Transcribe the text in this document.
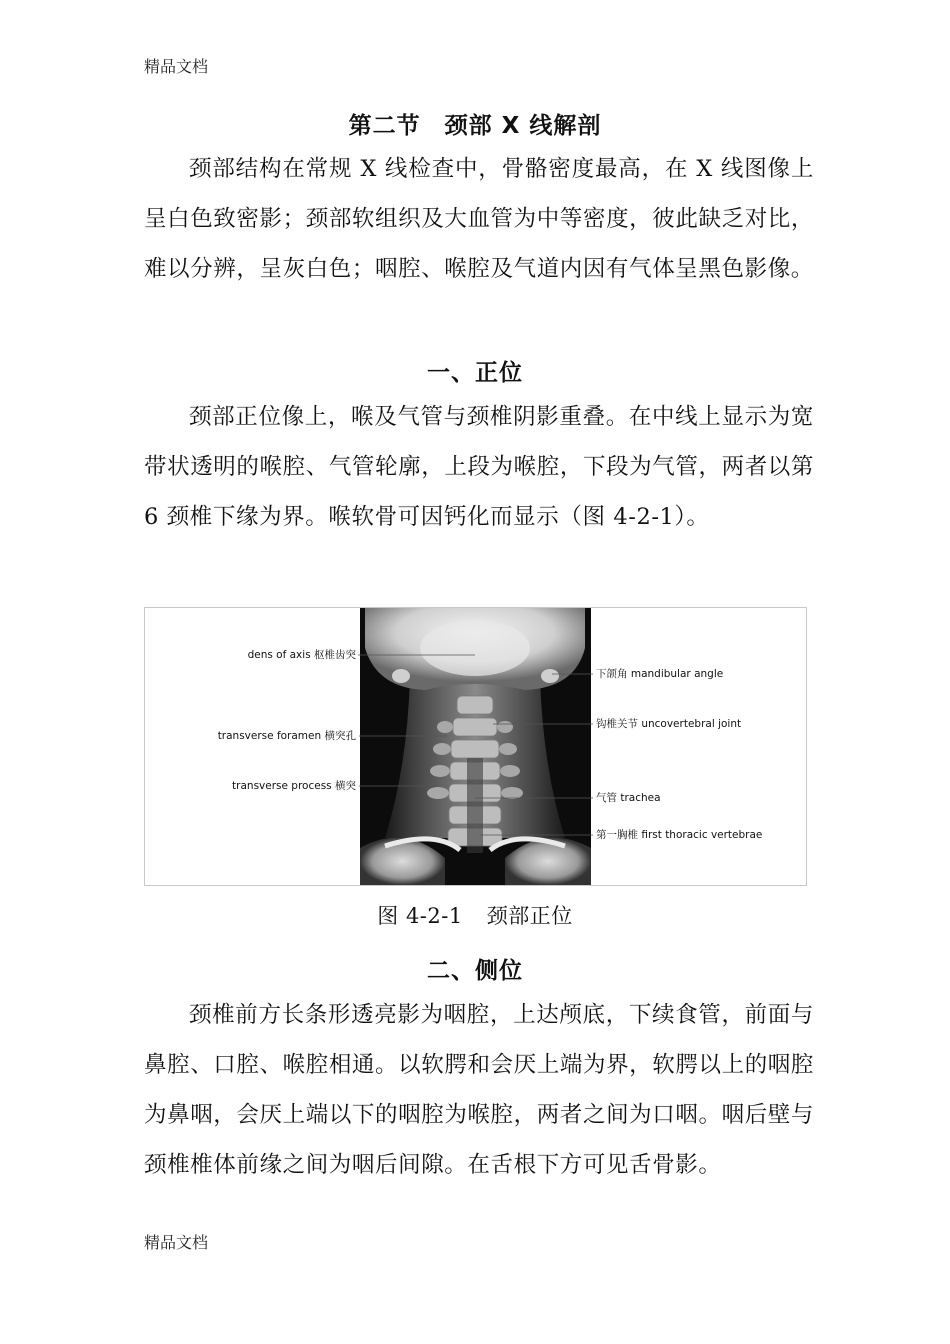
精品文档
第二节　颈部 X 线解剖

颈部结构在常规 X 线检查中，骨骼密度最高，在 X 线图像上呈白色致密影；颈部软组织及大血管为中等密度，彼此缺乏对比，难以分辨，呈灰白色；咽腔、喉腔及气道内因有气体呈黑色影像。

一、正位

颈部正位像上，喉及气管与颈椎阴影重叠。在中线上显示为宽带状透明的喉腔、气管轮廓，上段为喉腔，下段为气管，两者以第 6 颈椎下缘为界。喉软骨可因钙化而显示（图 4-2-1）。

dens of axis 枢椎齿突
transverse foramen 横突孔
transverse process 横突
下颌角 mandibular angle
钩椎关节 uncovertebral joint
气管 trachea
第一胸椎 first thoracic vertebrae
图 4-2-1 颈部正位
二、侧位

颈椎前方长条形透亮影为咽腔，上达颅底，下续食管，前面与鼻腔、口腔、喉腔相通。以软腭和会厌上端为界，软腭以上的咽腔为鼻咽，会厌上端以下的咽腔为喉腔，两者之间为口咽。咽后壁与颈椎椎体前缘之间为咽后间隙。在舌根下方可见舌骨影。

精品文档
